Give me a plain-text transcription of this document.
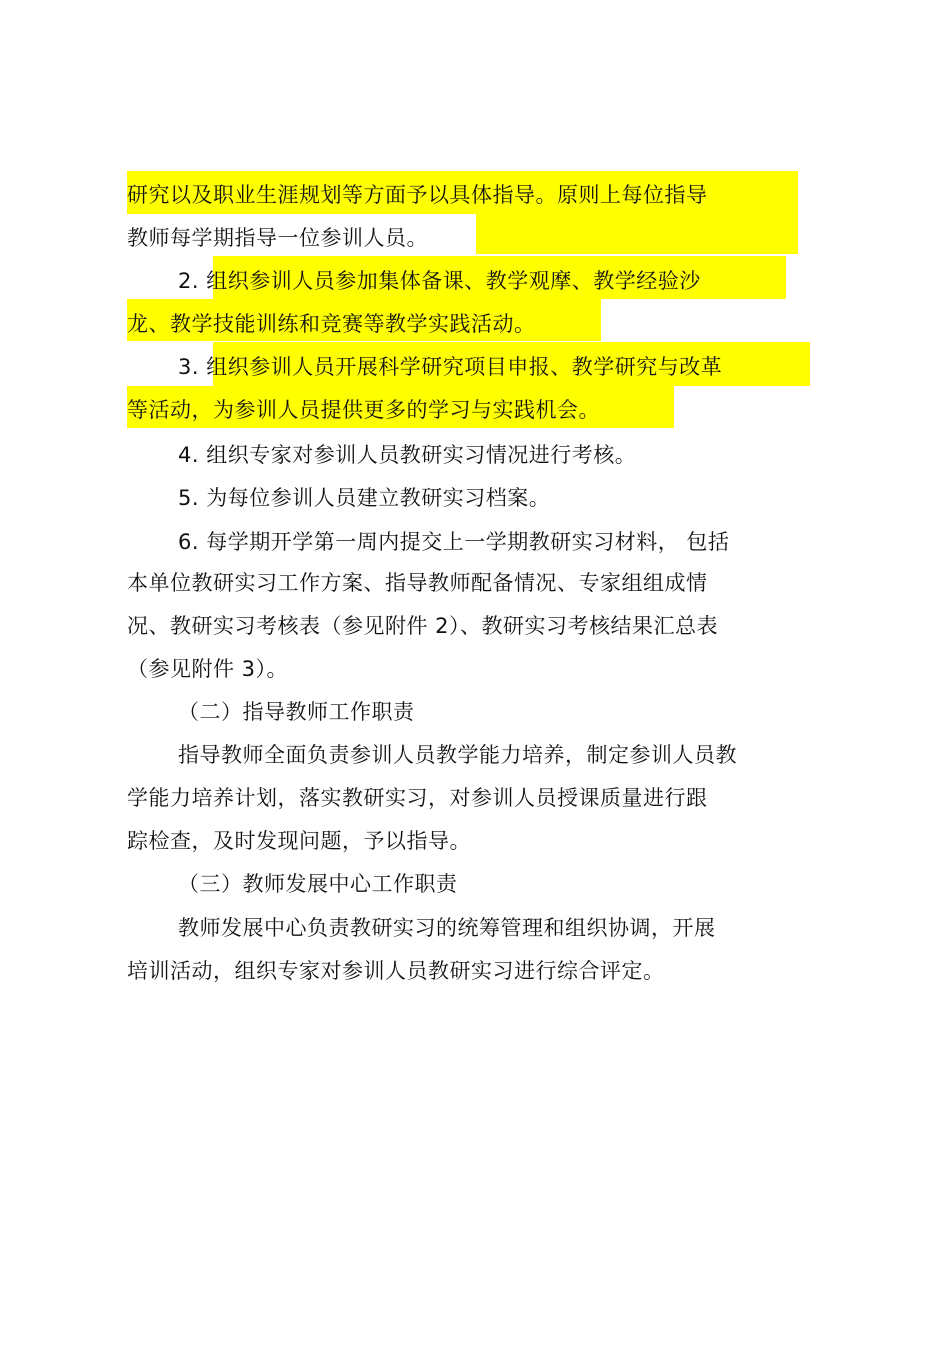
研究以及职业生涯规划等方面予以具体指导。原则上每位指导
教师每学期指导一位参训人员。
2. 组织参训人员参加集体备课、教学观摩、教学经验沙
龙、教学技能训练和竞赛等教学实践活动。
3. 组织参训人员开展科学研究项目申报、教学研究与改革
等活动，为参训人员提供更多的学习与实践机会。
4. 组织专家对参训人员教研实习情况进行考核。
5. 为每位参训人员建立教研实习档案。
6. 每学期开学第一周内提交上一学期教研实习材料， 包括
本单位教研实习工作方案、指导教师配备情况、专家组组成情
况、教研实习考核表（参见附件 2）、教研实习考核结果汇总表
（参见附件 3）。
（二）指导教师工作职责
指导教师全面负责参训人员教学能力培养，制定参训人员教
学能力培养计划，落实教研实习，对参训人员授课质量进行跟
踪检查，及时发现问题，予以指导。
（三）教师发展中心工作职责
教师发展中心负责教研实习的统筹管理和组织协调，开展
培训活动，组织专家对参训人员教研实习进行综合评定。
